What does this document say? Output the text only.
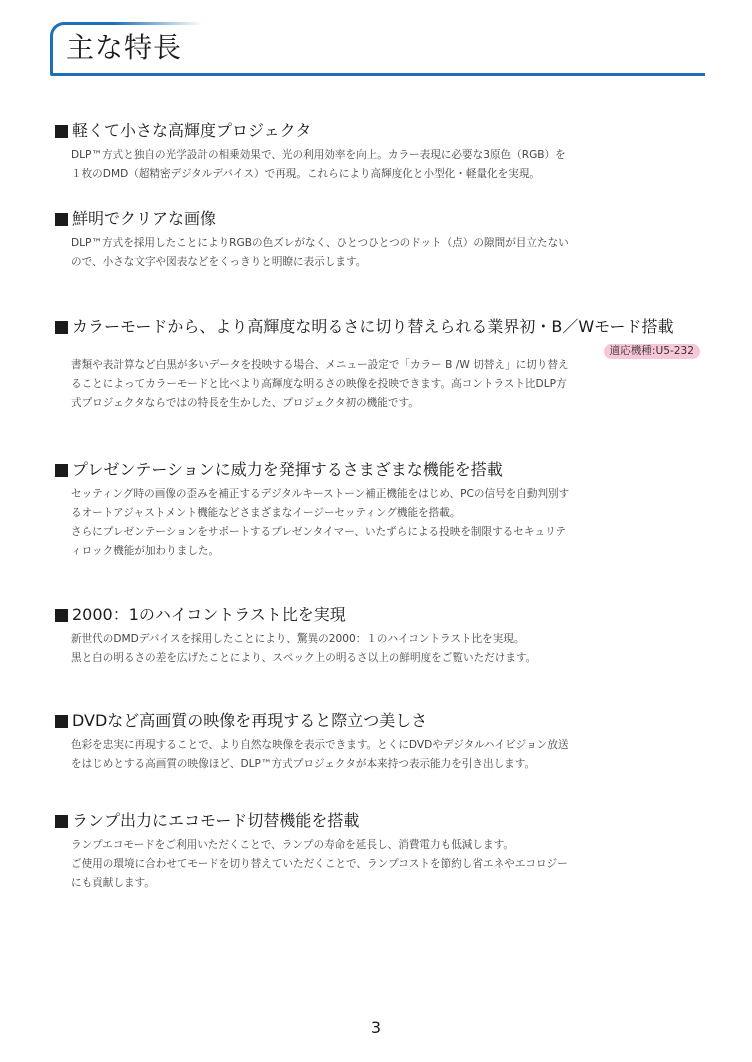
主な特長
軽くて小さな高輝度プロジェクタ

DLP™方式と独自の光学設計の相乗効果で、光の利用効率を向上。カラー表現に必要な3原色（RGB）を

１枚のDMD（超精密デジタルデバイス）で再現。これらにより高輝度化と小型化・軽量化を実現。

鮮明でクリアな画像

DLP™方式を採用したことによりRGBの色ズレがなく、ひとつひとつのドット（点）の隙間が目立たない

ので、小さな文字や図表などをくっきりと明瞭に表示します。

カラーモードから、より高輝度な明るさに切り替えられる業界初・B／Wモード搭載
適応機種:U5-232

書類や表計算など白黒が多いデータを投映する場合、メニュー設定で「カラー B /W 切替え」に切り替え

ることによってカラーモードと比べより高輝度な明るさの映像を投映できます。高コントラスト比DLP方

式プロジェクタならではの特長を生かした、プロジェクタ初の機能です。

プレゼンテーションに威力を発揮するさまざまな機能を搭載

セッティング時の画像の歪みを補正するデジタルキーストーン補正機能をはじめ、PCの信号を自動判別す

るオートアジャストメント機能などさまざまなイージーセッティング機能を搭載。

さらにプレゼンテーションをサポートするプレゼンタイマー、いたずらによる投映を制限するセキュリテ

ィロック機能が加わりました。

2000：1のハイコントラスト比を実現

新世代のDMDデバイスを採用したことにより、驚異の2000：１のハイコントラスト比を実現。

黒と白の明るさの差を広げたことにより、スペック上の明るさ以上の鮮明度をご覧いただけます。

DVDなど高画質の映像を再現すると際立つ美しさ

色彩を忠実に再現することで、より自然な映像を表示できます。とくにDVDやデジタルハイビジョン放送

をはじめとする高画質の映像ほど、DLP™方式プロジェクタが本来持つ表示能力を引き出します。

ランプ出力にエコモード切替機能を搭載

ランプエコモードをご利用いただくことで、ランプの寿命を延長し、消費電力も低減します。

ご使用の環境に合わせてモードを切り替えていただくことで、ランプコストを節約し省エネやエコロジー

にも貢献します。

3
